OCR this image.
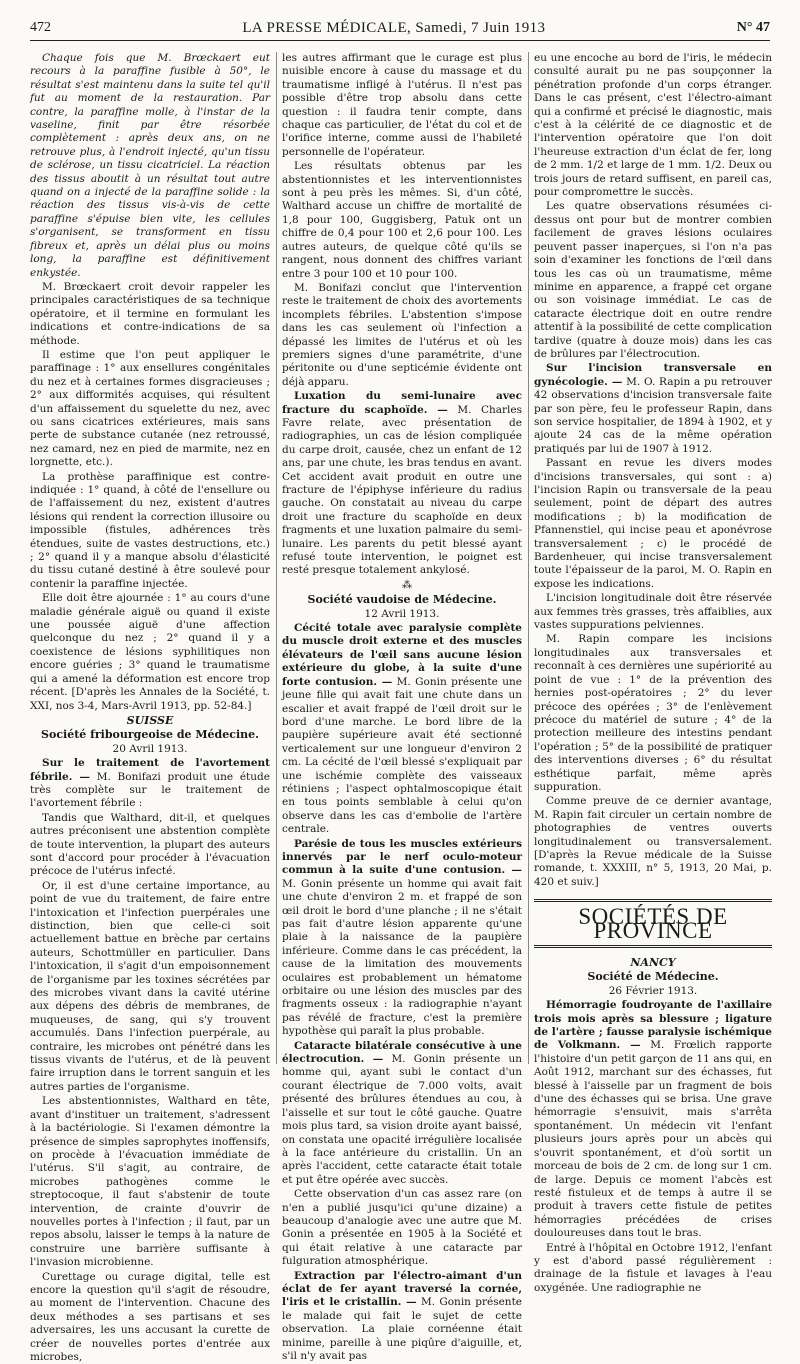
472	LA PRESSE MÉDICALE, Samedi, 7 Juin 1913	N° 47

Chaque fois que M. Brœckaert eut recours à la paraffine fusible à 50°, le résultat s'est maintenu dans la suite tel qu'il fut au moment de la restauration. Par contre, la paraffine molle, à l'instar de la vaseline, finit par être résorbée complètement : après deux ans, on ne retrouve plus, à l'endroit injecté, qu'un tissu de sclérose, un tissu cicatriciel. La réaction des tissus aboutit à un résultat tout autre quand on a injecté de la paraffine solide : la réaction des tissus vis-à-vis de cette paraffine s'épuise bien vite, les cellules s'organisent, se transforment en tissu fibreux et, après un délai plus ou moins long, la paraffine est définitivement enkystée.

M. Brœckaert croit devoir rappeler les principales caractéristiques de sa technique opératoire, et il termine en formulant les indications et contre-indications de sa méthode.

Il estime que l'on peut appliquer le paraffinage : 1° aux ensellures congénitales du nez et à certaines formes disgracieuses ; 2° aux difformités acquises, qui résultent d'un affaissement du squelette du nez, avec ou sans cicatrices extérieures, mais sans perte de substance cutanée (nez retroussé, nez camard, nez en pied de marmite, nez en lorgnette, etc.).

La prothèse paraffinique est contre-indiquée : 1° quand, à côté de l'ensellure ou de l'affaissement du nez, existent d'autres lésions qui rendent la correction illusoire ou impossible (fistules, adhérences très étendues, suite de vastes destructions, etc.) ; 2° quand il y a manque absolu d'élasticité du tissu cutané destiné à être soulevé pour contenir la paraffine injectée.

Elle doit être ajournée : 1° au cours d'une maladie générale aiguë ou quand il existe une poussée aiguë d'une affection quelconque du nez ; 2° quand il y a coexistence de lésions syphilitiques non encore guéries ; 3° quand le traumatisme qui a amené la déformation est encore trop récent. [D'après les Annales de la Société, t. XXI, nos 3-4, Mars-Avril 1913, pp. 52-84.]

SUISSE

Société fribourgeoise de Médecine.

20 Avril 1913.

Sur le traitement de l'avortement fébrile. — M. Bonifazi produit une étude très complète sur le traitement de l'avortement fébrile :

Tandis que Walthard, dit-il, et quelques autres préconisent une abstention complète de toute intervention, la plupart des auteurs sont d'accord pour procéder à l'évacuation précoce de l'utérus infecté.

Or, il est d'une certaine importance, au point de vue du traitement, de faire entre l'intoxication et l'infection puerpérales une distinction, bien que celle-ci soit actuellement battue en brèche par certains auteurs, Schottmüller en particulier. Dans l'intoxication, il s'agit d'un empoisonnement de l'organisme par les toxines sécrétées par des microbes vivant dans la cavité utérine aux dépens des débris de membranes, de muqueuses, de sang, qui s'y trouvent accumulés. Dans l'infection puerpérale, au contraire, les microbes ont pénétré dans les tissus vivants de l'utérus, et de là peuvent faire irruption dans le torrent sanguin et les autres parties de l'organisme.

Les abstentionnistes, Walthard en tête, avant d'instituer un traitement, s'adressent à la bactériologie. Si l'examen démontre la présence de simples saprophytes inoffensifs, on procède à l'évacuation immédiate de l'utérus. S'il s'agit, au contraire, de microbes pathogènes comme le streptocoque, il faut s'abstenir de toute intervention, de crainte d'ouvrir de nouvelles portes à l'infection ; il faut, par un repos absolu, laisser le temps à la nature de construire une barrière suffisante à l'invasion microbienne.

Curettage ou curage digital, telle est encore la question qu'il s'agit de résoudre, au moment de l'intervention. Chacune des deux méthodes a ses partisans et ses adversaires, les uns accusant la curette de créer de nouvelles portes d'entrée aux microbes,

les autres affirmant que le curage est plus nuisible encore à cause du massage et du traumatisme infligé à l'utérus. Il n'est pas possible d'être trop absolu dans cette question : il faudra tenir compte, dans chaque cas particulier, de l'état du col et de l'orifice interne, comme aussi de l'habileté personnelle de l'opérateur.

Les résultats obtenus par les abstentionnistes et les interventionnistes sont à peu près les mêmes. Si, d'un côté, Walthard accuse un chiffre de mortalité de 1,8 pour 100, Guggisberg, Patuk ont un chiffre de 0,4 pour 100 et 2,6 pour 100. Les autres auteurs, de quelque côté qu'ils se rangent, nous donnent des chiffres variant entre 3 pour 100 et 10 pour 100.

M. Bonifazi conclut que l'intervention reste le traitement de choix des avortements incomplets fébriles. L'abstention s'impose dans les cas seulement où l'infection a dépassé les limites de l'utérus et où les premiers signes d'une paramétrite, d'une péritonite ou d'une septicémie évidente ont déjà apparu.

Luxation du semi-lunaire avec fracture du scaphoïde. — M. Charles Favre relate, avec présentation de radiographies, un cas de lésion compliquée du carpe droit, causée, chez un enfant de 12 ans, par une chute, les bras tendus en avant. Cet accident avait produit en outre une fracture de l'épiphyse inférieure du radius gauche. On constatait au niveau du carpe droit une fracture du scaphoïde en deux fragments et une luxation palmaire du semi-lunaire. Les parents du petit blessé ayant refusé toute intervention, le poignet est resté presque totalement ankylosé.

⁂

Société vaudoise de Médecine.

12 Avril 1913.

Cécité totale avec paralysie complète du muscle droit externe et des muscles élévateurs de l'œil sans aucune lésion extérieure du globe, à la suite d'une forte contusion. — M. Gonin présente une jeune fille qui avait fait une chute dans un escalier et avait frappé de l'œil droit sur le bord d'une marche. Le bord libre de la paupière supérieure avait été sectionné verticalement sur une longueur d'environ 2 cm. La cécité de l'œil blessé s'expliquait par une ischémie complète des vaisseaux rétiniens ; l'aspect ophtalmoscopique était en tous points semblable à celui qu'on observe dans les cas d'embolie de l'artère centrale.

Parésie de tous les muscles extérieurs innervés par le nerf oculo-moteur commun à la suite d'une contusion. — M. Gonin présente un homme qui avait fait une chute d'environ 2 m. et frappé de son œil droit le bord d'une planche ; il ne s'était pas fait d'autre lésion apparente qu'une plaie à la naissance de la paupière inférieure. Comme dans le cas précédent, la cause de la limitation des mouvements oculaires est probablement un hématome orbitaire ou une lésion des muscles par des fragments osseux : la radiographie n'ayant pas révélé de fracture, c'est la première hypothèse qui paraît la plus probable.

Cataracte bilatérale consécutive à une électrocution. — M. Gonin présente un homme qui, ayant subi le contact d'un courant électrique de 7.000 volts, avait présenté des brûlures étendues au cou, à l'aisselle et sur tout le côté gauche. Quatre mois plus tard, sa vision droite ayant baissé, on constata une opacité irrégulière localisée à la face antérieure du cristallin. Un an après l'accident, cette cataracte était totale et put être opérée avec succès.

Cette observation d'un cas assez rare (on n'en a publié jusqu'ici qu'une dizaine) a beaucoup d'analogie avec une autre que M. Gonin a présentée en 1905 à la Société et qui était relative à une cataracte par fulguration atmosphérique.

Extraction par l'électro-aimant d'un éclat de fer ayant traversé la cornée, l'iris et le cristallin. — M. Gonin présente le malade qui fait le sujet de cette observation. La plaie cornéenne était minime, pareille à une piqûre d'aiguille, et, s'il n'y avait pas

eu une encoche au bord de l'iris, le médecin consulté aurait pu ne pas soupçonner la pénétration profonde d'un corps étranger. Dans le cas présent, c'est l'électro-aimant qui a confirmé et précisé le diagnostic, mais c'est à la célérité de ce diagnostic et de l'intervention opératoire que l'on doit l'heureuse extraction d'un éclat de fer, long de 2 mm. 1/2 et large de 1 mm. 1/2. Deux ou trois jours de retard suffisent, en pareil cas, pour compromettre le succès.

Les quatre observations résumées ci-dessus ont pour but de montrer combien facilement de graves lésions oculaires peuvent passer inaperçues, si l'on n'a pas soin d'examiner les fonctions de l'œil dans tous les cas où un traumatisme, même minime en apparence, a frappé cet organe ou son voisinage immédiat. Le cas de cataracte électrique doit en outre rendre attentif à la possibilité de cette complication tardive (quatre à douze mois) dans les cas de brûlures par l'électrocution.

Sur l'incision transversale en gynécologie. — M. O. Rapin a pu retrouver 42 observations d'incision transversale faite par son père, feu le professeur Rapin, dans son service hospitalier, de 1894 à 1902, et y ajoute 24 cas de la même opération pratiqués par lui de 1907 à 1912.

Passant en revue les divers modes d'incisions transversales, qui sont : a) l'incision Rapin ou transversale de la peau seulement, point de départ des autres modifications ; b) la modification de Pfannenstiel, qui incise peau et aponévrose transversalement ; c) le procédé de Bardenheuer, qui incise transversalement toute l'épaisseur de la paroi, M. O. Rapin en expose les indications.

L'incision longitudinale doit être réservée aux femmes très grasses, très affaiblies, aux vastes suppurations pelviennes.

M. Rapin compare les incisions longitudinales aux transversales et reconnaît à ces dernières une supériorité au point de vue : 1° de la prévention des hernies post-opératoires ; 2° du lever précoce des opérées ; 3° de l'enlèvement précoce du matériel de suture ; 4° de la protection meilleure des intestins pendant l'opération ; 5° de la possibilité de pratiquer des interventions diverses ; 6° du résultat esthétique parfait, même après suppuration.

Comme preuve de ce dernier avantage, M. Rapin fait circuler un certain nombre de photographies de ventres ouverts longitudinalement ou transversalement. [D'après la Revue médicale de la Suisse romande, t. XXXIII, n° 5, 1913, 20 Mai, p. 420 et suiv.]

SOCIÉTÉS DE PROVINCE

NANCY

Société de Médecine.

26 Février 1913.

Hémorragie foudroyante de l'axillaire trois mois après sa blessure ; ligature de l'artère ; fausse paralysie ischémique de Volkmann. — M. Frœlich rapporte l'histoire d'un petit garçon de 11 ans qui, en Août 1912, marchant sur des échasses, fut blessé à l'aisselle par un fragment de bois d'une des échasses qui se brisa. Une grave hémorragie s'ensuivit, mais s'arrêta spontanément. Un médecin vit l'enfant plusieurs jours après pour un abcès qui s'ouvrit spontanément, et d'où sortit un morceau de bois de 2 cm. de long sur 1 cm. de large. Depuis ce moment l'abcès est resté fistuleux et de temps à autre il se produit à travers cette fistule de petites hémorragies précédées de crises douloureuses dans tout le bras.

Entré à l'hôpital en Octobre 1912, l'enfant y est d'abord passé régulièrement : drainage de la fistule et lavages à l'eau oxygénée. Une radiographie ne
